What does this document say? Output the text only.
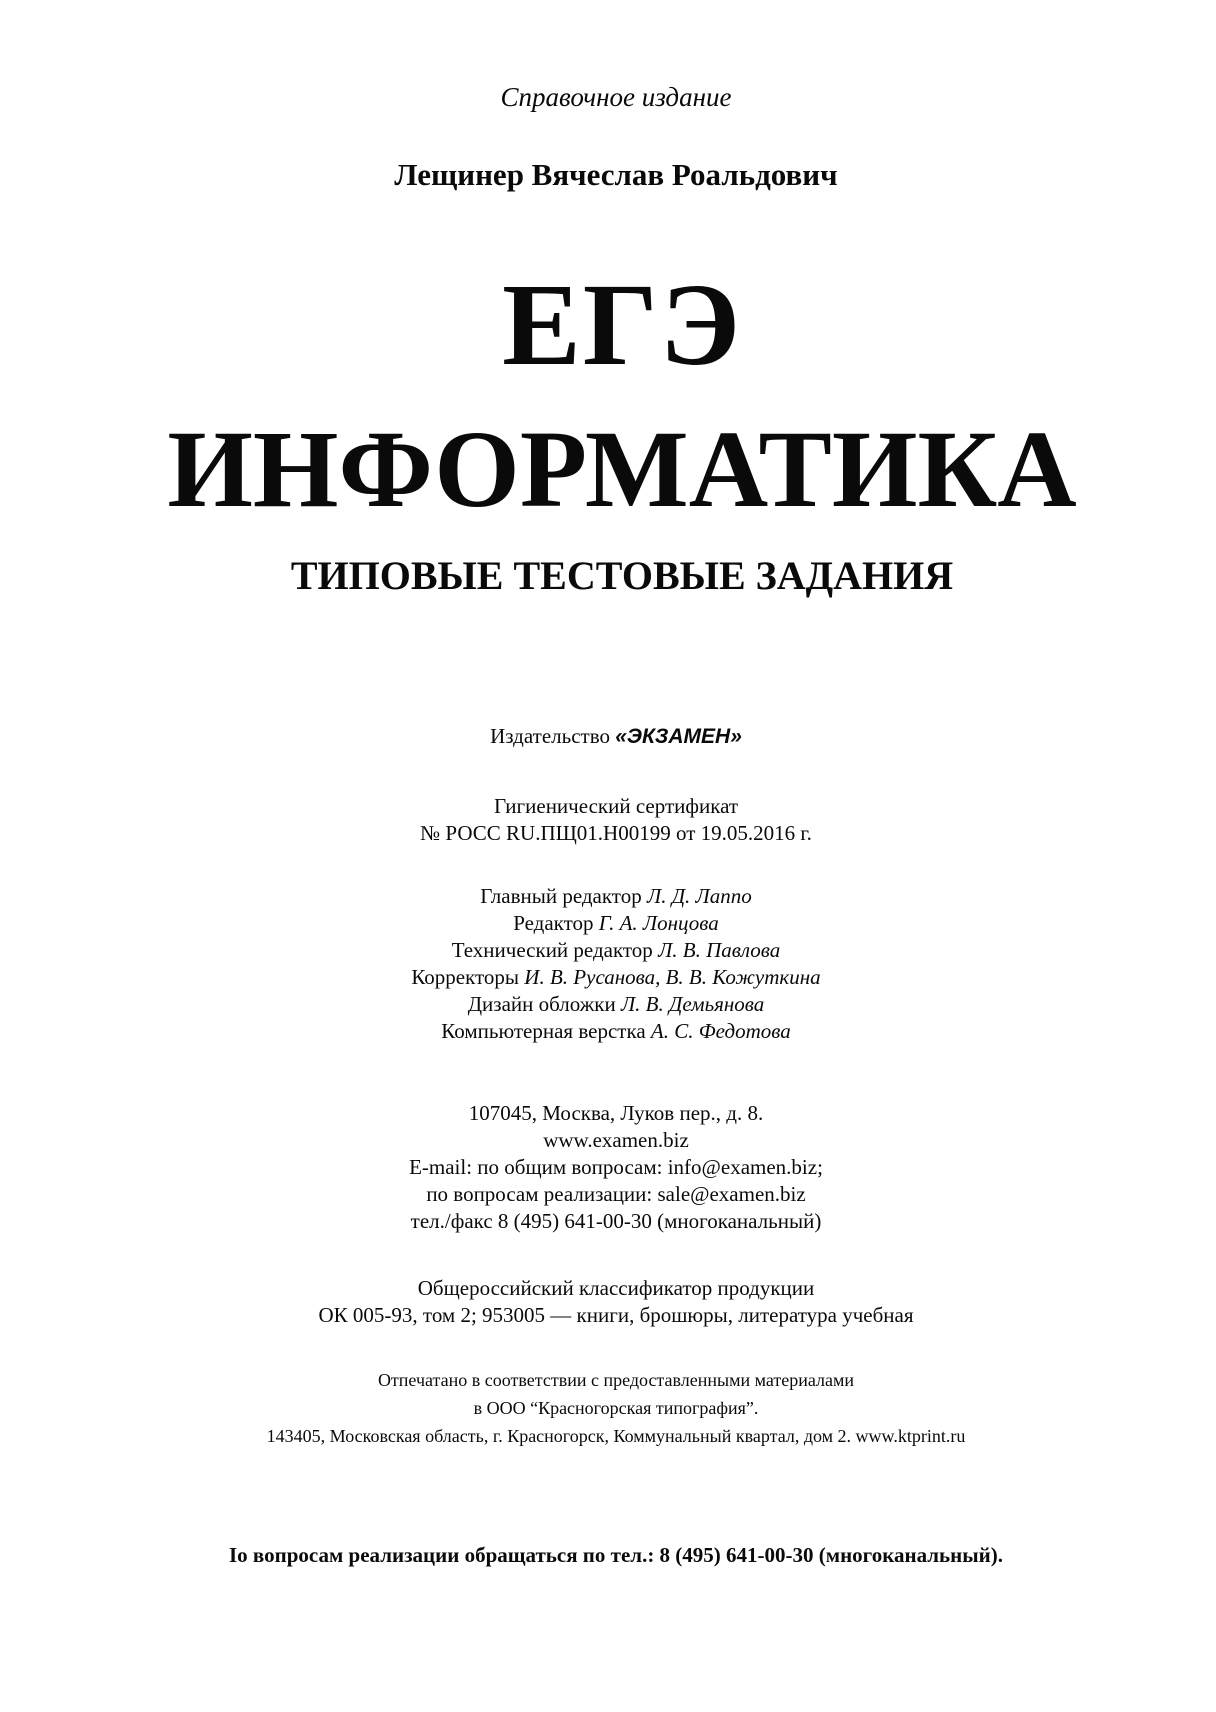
Справочное издание
Лещинер Вячеслав Роальдович
ЕГЭ
ИНФОРМАТИКА
ТИПОВЫЕ ТЕСТОВЫЕ ЗАДАНИЯ
Издательство «ЭКЗАМЕН»
Гигиенический сертификат
№ РОСС RU.ПЩ01.H00199 от 19.05.2016 г.
Главный редактор Л. Д. Лаппо
Редактор Г. А. Лонцова
Технический редактор Л. В. Павлова
Корректоры И. В. Русанова, В. В. Кожуткина
Дизайн обложки Л. В. Демьянова
Компьютерная верстка А. С. Федотова
107045, Москва, Луков пер., д. 8.
www.examen.biz
E-mail: по общим вопросам: info@examen.biz;
по вопросам реализации: sale@examen.biz
тел./факс 8 (495) 641-00-30 (многоканальный)
Общероссийский классификатор продукции
ОК 005-93, том 2; 953005 — книги, брошюры, литература учебная
Отпечатано в соответствии с предоставленными материалами
в ООО “Красногорская типография”.
143405, Московская область, г. Красногорск, Коммунальный квартал, дом 2. www.ktprint.ru
Іо вопросам реализации обращаться по тел.: 8 (495) 641-00-30 (многоканальный).
